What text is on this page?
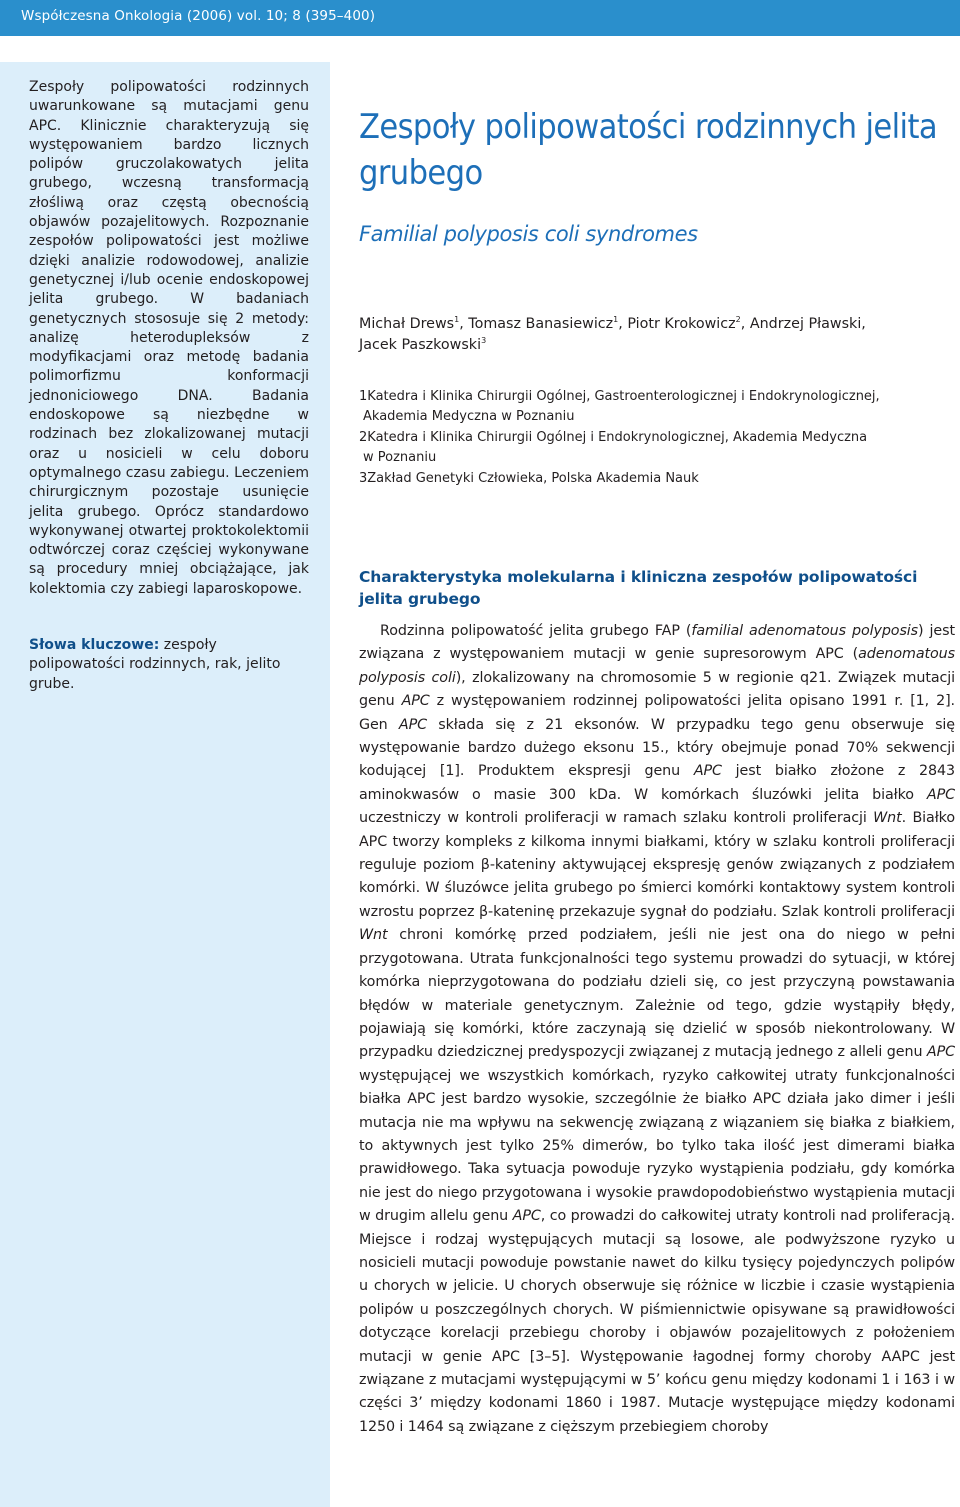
Współczesna Onkologia (2006) vol. 10; 8 (395–400)
Zespoły polipowatości rodzinnych uwarunkowane są mutacjami genu APC. Klinicznie charakteryzują się występowaniem bardzo licznych polipów gruczolakowatych jelita grubego, wczesną transformacją złośliwą oraz częstą obecnością objawów pozajelitowych. Rozpoznanie zespołów polipowatości jest możliwe dzięki analizie rodowodowej, analizie genetycznej i/lub ocenie endoskopowej jelita grubego. W badaniach genetycznych stososuje się 2 metody: analizę heterodupleksów z modyfikacjami oraz metodę badania polimorfizmu konformacji jednoniciowego DNA. Badania endoskopowe są niezbędne w rodzinach bez zlokalizowanej mutacji oraz u nosicieli w celu doboru optymalnego czasu zabiegu. Leczeniem chirurgicznym pozostaje usunięcie jelita grubego. Oprócz standardowo wykonywanej otwartej proktokolektomii odtwórczej coraz częściej wykonywane są procedury mniej obciążające, jak kolektomia czy zabiegi laparoskopowe.
Słowa kluczowe: zespoły polipowatości rodzinnych, rak, jelito grube.
Zespoły polipowatości rodzinnych jelita grubego
Familial polyposis coli syndromes
Michał Drews$^1$, Tomasz Banasiewicz$^1$, Piotr Krokowicz$^2$, Andrzej Pławski,
Jacek Paszkowski$^3$
1Katedra i Klinika Chirurgii Ogólnej, Gastroenterologicznej i Endokrynologicznej,
Akademia Medyczna w Poznaniu
2Katedra i Klinika Chirurgii Ogólnej i Endokrynologicznej, Akademia Medyczna
w Poznaniu
3Zakład Genetyki Człowieka, Polska Akademia Nauk
Charakterystyka molekularna i kliniczna zespołów polipowatości jelita grubego
Rodzinna polipowatość jelita grubego FAP (familial adenomatous polyposis) jest związana z występowaniem mutacji w genie supresorowym APC (adenomatous polyposis coli), zlokalizowany na chromosomie 5 w regionie q21. Związek mutacji genu APC z występowaniem rodzinnej polipowatości jelita opisano 1991 r. [1, 2]. Gen APC składa się z 21 eksonów. W przypadku tego genu obserwuje się występowanie bardzo dużego eksonu 15., który obejmuje ponad 70% sekwencji kodującej [1]. Produktem ekspresji genu APC jest białko złożone z 2843 aminokwasów o masie 300 kDa. W komórkach śluzówki jelita białko APC uczestniczy w kontroli proliferacji w ramach szlaku kontroli proliferacji Wnt. Białko APC tworzy kompleks z kilkoma innymi białkami, który w szlaku kontroli proliferacji reguluje poziom β-kateniny aktywującej ekspresję genów związanych z podziałem komórki. W śluzówce jelita grubego po śmierci komórki kontaktowy system kontroli wzrostu poprzez β-kateninę przekazuje sygnał do podziału. Szlak kontroli proliferacji Wnt chroni komórkę przed podziałem, jeśli nie jest ona do niego w pełni przygotowana. Utrata funkcjonalności tego systemu prowadzi do sytuacji, w której komórka nieprzygotowana do podziału dzieli się, co jest przyczyną powstawania błędów w materiale genetycznym. Zależnie od tego, gdzie wystąpiły błędy, pojawiają się komórki, które zaczynają się dzielić w sposób niekontrolowany. W przypadku dziedzicznej predyspozycji związanej z mutacją jednego z alleli genu APC występującej we wszystkich komórkach, ryzyko całkowitej utraty funkcjonalności białka APC jest bardzo wysokie, szczególnie że białko APC działa jako dimer i jeśli mutacja nie ma wpływu na sekwencję związaną z wiązaniem się białka z białkiem, to aktywnych jest tylko 25% dimerów, bo tylko taka ilość jest dimerami białka prawidłowego. Taka sytuacja powoduje ryzyko wystąpienia podziału, gdy komórka nie jest do niego przygotowana i wysokie prawdopodobieństwo wystąpienia mutacji w drugim allelu genu APC, co prowadzi do całkowitej utraty kontroli nad proliferacją. Miejsce i rodzaj występujących mutacji są losowe, ale podwyższone ryzyko u nosicieli mutacji powoduje powstanie nawet do kilku tysięcy pojedynczych polipów u chorych w jelicie. U chorych obserwuje się różnice w liczbie i czasie wystąpienia polipów u poszczególnych chorych. W piśmiennictwie opisywane są prawidłowości dotyczące korelacji przebiegu choroby i objawów pozajelitowych z położeniem mutacji w genie APC [3–5]. Występowanie łagodnej formy choroby AAPC jest związane z mutacjami występującymi w 5’ końcu genu między kodonami 1 i 163 i w części 3’ między kodonami 1860 i 1987. Mutacje występujące między kodonami 1250 i 1464 są związane z cięższym przebiegiem choroby
